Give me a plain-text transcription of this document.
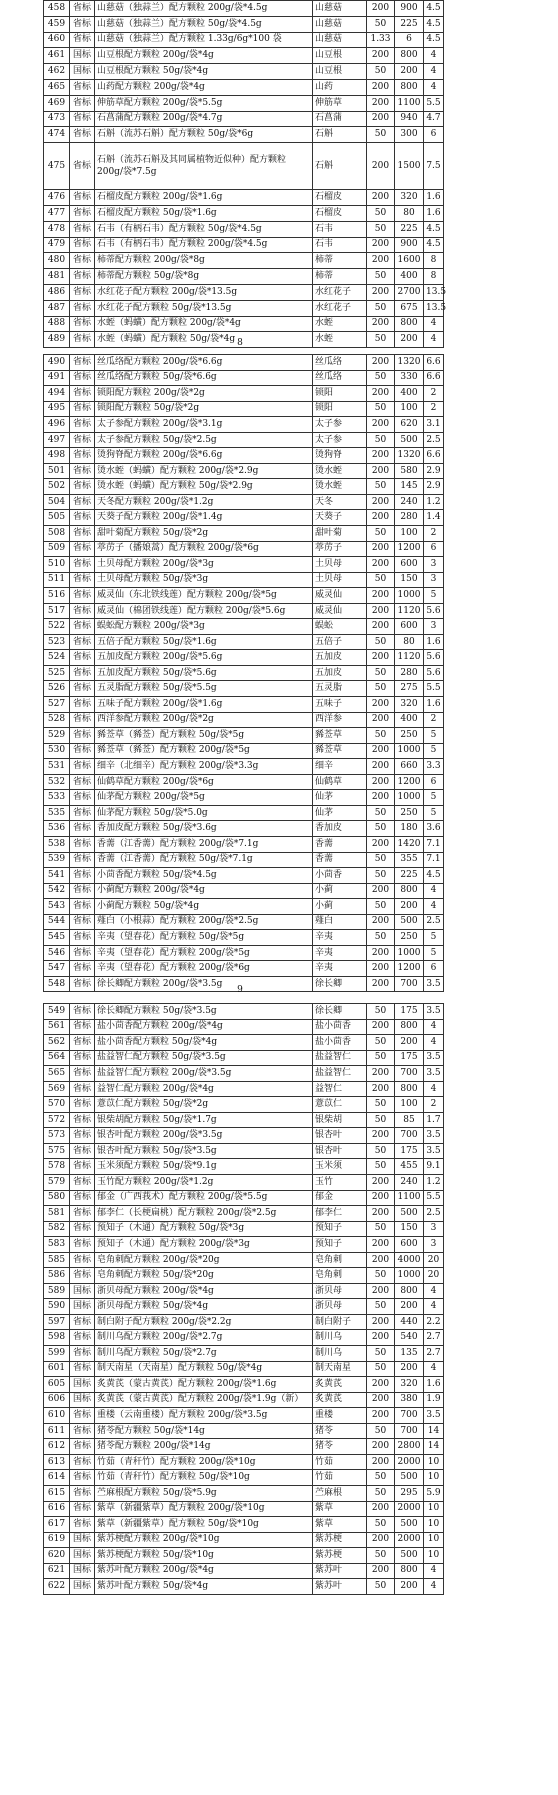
458	省标	山慈菇（独蒜兰）配方颗粒 200g/袋*4.5g	山慈菇	200	900	4.5
459	省标	山慈菇（独蒜兰）配方颗粒 50g/袋*4.5g	山慈菇	50	225	4.5
460	省标	山慈菇（独蒜兰）配方颗粒 1.33g/6g*100 袋	山慈菇	1.33	6	4.5
461	国标	山豆根配方颗粒 200g/袋*4g	山豆根	200	800	4
462	国标	山豆根配方颗粒 50g/袋*4g	山豆根	50	200	4
465	省标	山药配方颗粒 200g/袋*4g	山药	200	800	4
469	省标	伸筋草配方颗粒 200g/袋*5.5g	伸筋草	200	1100	5.5
473	省标	石菖蒲配方颗粒 200g/袋*4.7g	石菖蒲	200	940	4.7
474	省标	石斛（流苏石斛）配方颗粒 50g/袋*6g	石斛	50	300	6
475	省标	石斛（流苏石斛及其同属植物近似种）配方颗粒 200g/袋*7.5g	石斛	200	1500	7.5
476	省标	石榴皮配方颗粒 200g/袋*1.6g	石榴皮	200	320	1.6
477	省标	石榴皮配方颗粒 50g/袋*1.6g	石榴皮	50	80	1.6
478	省标	石韦（有柄石韦）配方颗粒 50g/袋*4.5g	石韦	50	225	4.5
479	省标	石韦（有柄石韦）配方颗粒 200g/袋*4.5g	石韦	200	900	4.5
480	省标	柿蒂配方颗粒 200g/袋*8g	柿蒂	200	1600	8
481	省标	柿蒂配方颗粒 50g/袋*8g	柿蒂	50	400	8
486	省标	水红花子配方颗粒 200g/袋*13.5g	水红花子	200	2700	13.5
487	省标	水红花子配方颗粒 50g/袋*13.5g	水红花子	50	675	13.5
488	省标	水蛭（蚂蟥）配方颗粒 200g/袋*4g	水蛭	200	800	4
489	省标	水蛭（蚂蟥）配方颗粒 50g/袋*4g	水蛭	50	200	4
8
490	省标	丝瓜络配方颗粒 200g/袋*6.6g	丝瓜络	200	1320	6.6
491	省标	丝瓜络配方颗粒 50g/袋*6.6g	丝瓜络	50	330	6.6
494	省标	锁阳配方颗粒 200g/袋*2g	锁阳	200	400	2
495	省标	锁阳配方颗粒 50g/袋*2g	锁阳	50	100	2
496	省标	太子参配方颗粒 200g/袋*3.1g	太子参	200	620	3.1
497	省标	太子参配方颗粒 50g/袋*2.5g	太子参	50	500	2.5
498	省标	烫狗脊配方颗粒 200g/袋*6.6g	烫狗脊	200	1320	6.6
501	省标	烫水蛭（蚂蟥）配方颗粒 200g/袋*2.9g	烫水蛭	200	580	2.9
502	省标	烫水蛭（蚂蟥）配方颗粒 50g/袋*2.9g	烫水蛭	50	145	2.9
504	省标	天冬配方颗粒 200g/袋*1.2g	天冬	200	240	1.2
505	省标	天葵子配方颗粒 200g/袋*1.4g	天葵子	200	280	1.4
508	省标	甜叶菊配方颗粒 50g/袋*2g	甜叶菊	50	100	2
509	省标	葶苈子（播娘蒿）配方颗粒 200g/袋*6g	葶苈子	200	1200	6
510	省标	土贝母配方颗粒 200g/袋*3g	土贝母	200	600	3
511	省标	土贝母配方颗粒 50g/袋*3g	土贝母	50	150	3
516	省标	威灵仙（东北铁线莲）配方颗粒 200g/袋*5g	威灵仙	200	1000	5
517	省标	威灵仙（棉团铁线莲）配方颗粒 200g/袋*5.6g	威灵仙	200	1120	5.6
522	省标	蜈蚣配方颗粒 200g/袋*3g	蜈蚣	200	600	3
523	省标	五倍子配方颗粒 50g/袋*1.6g	五倍子	50	80	1.6
524	省标	五加皮配方颗粒 200g/袋*5.6g	五加皮	200	1120	5.6
525	省标	五加皮配方颗粒 50g/袋*5.6g	五加皮	50	280	5.6
526	省标	五灵脂配方颗粒 50g/袋*5.5g	五灵脂	50	275	5.5
527	省标	五味子配方颗粒 200g/袋*1.6g	五味子	200	320	1.6
528	省标	西洋参配方颗粒 200g/袋*2g	西洋参	200	400	2
529	省标	豨莶草（豨莶）配方颗粒 50g/袋*5g	豨莶草	50	250	5
530	省标	豨莶草（豨莶）配方颗粒 200g/袋*5g	豨莶草	200	1000	5
531	省标	细辛（北细辛）配方颗粒 200g/袋*3.3g	细辛	200	660	3.3
532	省标	仙鹤草配方颗粒 200g/袋*6g	仙鹤草	200	1200	6
533	省标	仙茅配方颗粒 200g/袋*5g	仙茅	200	1000	5
535	省标	仙茅配方颗粒 50g/袋*5.0g	仙茅	50	250	5
536	省标	香加皮配方颗粒 50g/袋*3.6g	香加皮	50	180	3.6
538	省标	香薷（江香薷）配方颗粒 200g/袋*7.1g	香薷	200	1420	7.1
539	省标	香薷（江香薷）配方颗粒 50g/袋*7.1g	香薷	50	355	7.1
541	省标	小茴香配方颗粒 50g/袋*4.5g	小茴香	50	225	4.5
542	省标	小蓟配方颗粒 200g/袋*4g	小蓟	200	800	4
543	省标	小蓟配方颗粒 50g/袋*4g	小蓟	50	200	4
544	省标	薤白（小根蒜）配方颗粒 200g/袋*2.5g	薤白	200	500	2.5
545	省标	辛夷（望春花）配方颗粒 50g/袋*5g	辛夷	50	250	5
546	省标	辛夷（望春花）配方颗粒 200g/袋*5g	辛夷	200	1000	5
547	省标	辛夷（望春花）配方颗粒 200g/袋*6g	辛夷	200	1200	6
548	省标	徐长卿配方颗粒 200g/袋*3.5g	徐长卿	200	700	3.5
9
549	省标	徐长卿配方颗粒 50g/袋*3.5g	徐长卿	50	175	3.5
561	省标	盐小茴香配方颗粒 200g/袋*4g	盐小茴香	200	800	4
562	省标	盐小茴香配方颗粒 50g/袋*4g	盐小茴香	50	200	4
564	省标	盐益智仁配方颗粒 50g/袋*3.5g	盐益智仁	50	175	3.5
565	省标	盐益智仁配方颗粒 200g/袋*3.5g	盐益智仁	200	700	3.5
569	省标	益智仁配方颗粒 200g/袋*4g	益智仁	200	800	4
570	省标	薏苡仁配方颗粒 50g/袋*2g	薏苡仁	50	100	2
572	省标	银柴胡配方颗粒 50g/袋*1.7g	银柴胡	50	85	1.7
573	省标	银杏叶配方颗粒 200g/袋*3.5g	银杏叶	200	700	3.5
575	省标	银杏叶配方颗粒 50g/袋*3.5g	银杏叶	50	175	3.5
578	省标	玉米须配方颗粒 50g/袋*9.1g	玉米须	50	455	9.1
579	省标	玉竹配方颗粒 200g/袋*1.2g	玉竹	200	240	1.2
580	省标	郁金（广西莪术）配方颗粒 200g/袋*5.5g	郁金	200	1100	5.5
581	省标	郁李仁（长梗扁桃）配方颗粒 200g/袋*2.5g	郁李仁	200	500	2.5
582	省标	预知子（木通）配方颗粒 50g/袋*3g	预知子	50	150	3
583	省标	预知子（木通）配方颗粒 200g/袋*3g	预知子	200	600	3
585	省标	皂角刺配方颗粒 200g/袋*20g	皂角刺	200	4000	20
586	省标	皂角刺配方颗粒 50g/袋*20g	皂角刺	50	1000	20
589	国标	浙贝母配方颗粒 200g/袋*4g	浙贝母	200	800	4
590	国标	浙贝母配方颗粒 50g/袋*4g	浙贝母	50	200	4
597	省标	制白附子配方颗粒 200g/袋*2.2g	制白附子	200	440	2.2
598	省标	制川乌配方颗粒 200g/袋*2.7g	制川乌	200	540	2.7
599	省标	制川乌配方颗粒 50g/袋*2.7g	制川乌	50	135	2.7
601	省标	制天南星（天南星）配方颗粒 50g/袋*4g	制天南星	50	200	4
605	国标	炙黄芪（蒙古黄芪）配方颗粒 200g/袋*1.6g	炙黄芪	200	320	1.6
606	国标	炙黄芪（蒙古黄芪）配方颗粒 200g/袋*1.9g（新）	炙黄芪	200	380	1.9
610	省标	重楼（云南重楼）配方颗粒 200g/袋*3.5g	重楼	200	700	3.5
611	省标	猪苓配方颗粒 50g/袋*14g	猪苓	50	700	14
612	省标	猪苓配方颗粒 200g/袋*14g	猪苓	200	2800	14
613	省标	竹茹（青秆竹）配方颗粒 200g/袋*10g	竹茹	200	2000	10
614	省标	竹茹（青秆竹）配方颗粒 50g/袋*10g	竹茹	50	500	10
615	省标	苎麻根配方颗粒 50g/袋*5.9g	苎麻根	50	295	5.9
616	省标	紫草（新疆紫草）配方颗粒 200g/袋*10g	紫草	200	2000	10
617	省标	紫草（新疆紫草）配方颗粒 50g/袋*10g	紫草	50	500	10
619	国标	紫苏梗配方颗粒 200g/袋*10g	紫苏梗	200	2000	10
620	国标	紫苏梗配方颗粒 50g/袋*10g	紫苏梗	50	500	10
621	国标	紫苏叶配方颗粒 200g/袋*4g	紫苏叶	200	800	4
622	国标	紫苏叶配方颗粒 50g/袋*4g	紫苏叶	50	200	4
